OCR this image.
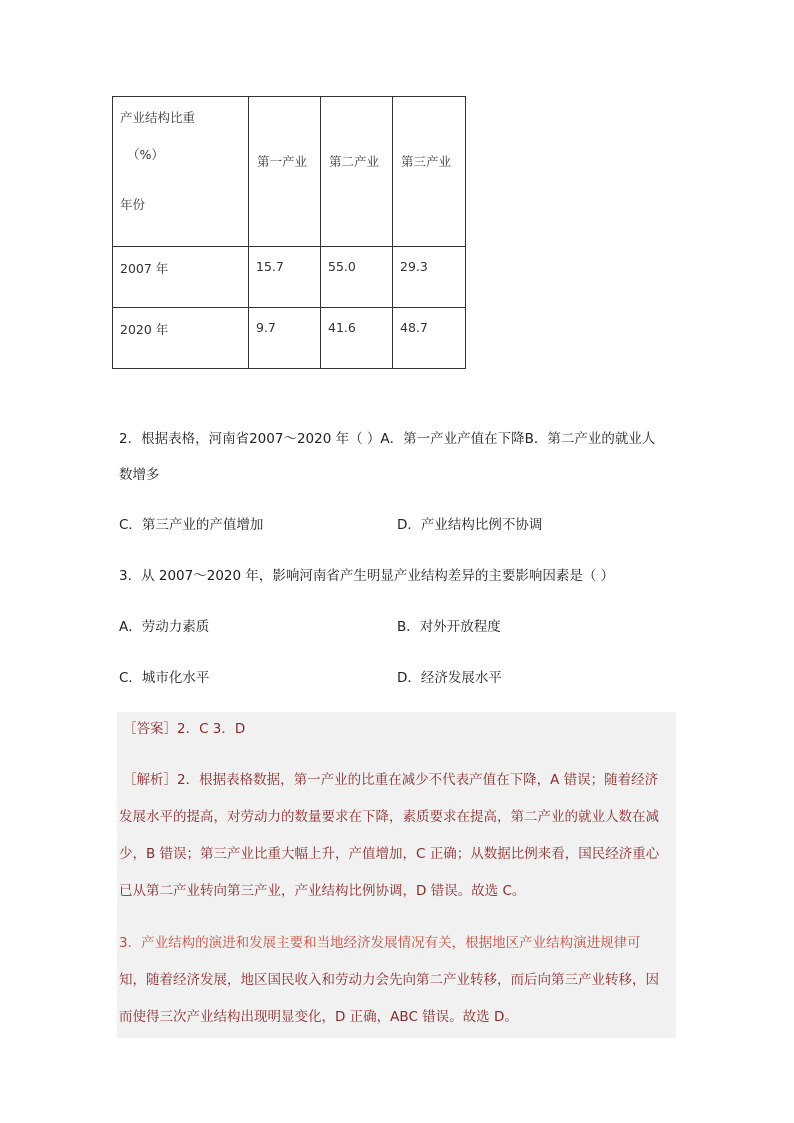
产业结构比重
（%）
年份	第一产业	第二产业	第三产业

2007 年	15.7	55.0	29.3

2020 年	9.7	41.6	48.7
2．根据表格，河南省2007～2020 年（ ）A．第一产业产值在下降B．第二产业的就业人
数增多
C．第三产业的产值增加	D．产业结构比例不协调
3．从 2007～2020 年，影响河南省产生明显产业结构差异的主要影响因素是（ ）
A．劳动力素质	B．对外开放程度
C．城市化水平	D．经济发展水平
［答案］2．C 3．D
［解析］2．根据表格数据，第一产业的比重在减少不代表产值在下降，A 错误；随着经济
发展水平的提高，对劳动力的数量要求在下降，素质要求在提高，第二产业的就业人数在减
少，B 错误；第三产业比重大幅上升，产值增加，C 正确；从数据比例来看，国民经济重心
已从第二产业转向第三产业，产业结构比例协调，D 错误。故选 C。
3．产业结构的演进和发展主要和当地经济发展情况有关，根据地区产业结构演进规律可
知，随着经济发展，地区国民收入和劳动力会先向第二产业转移，而后向第三产业转移，因
而使得三次产业结构出现明显变化，D 正确，ABC 错误。故选 D。
